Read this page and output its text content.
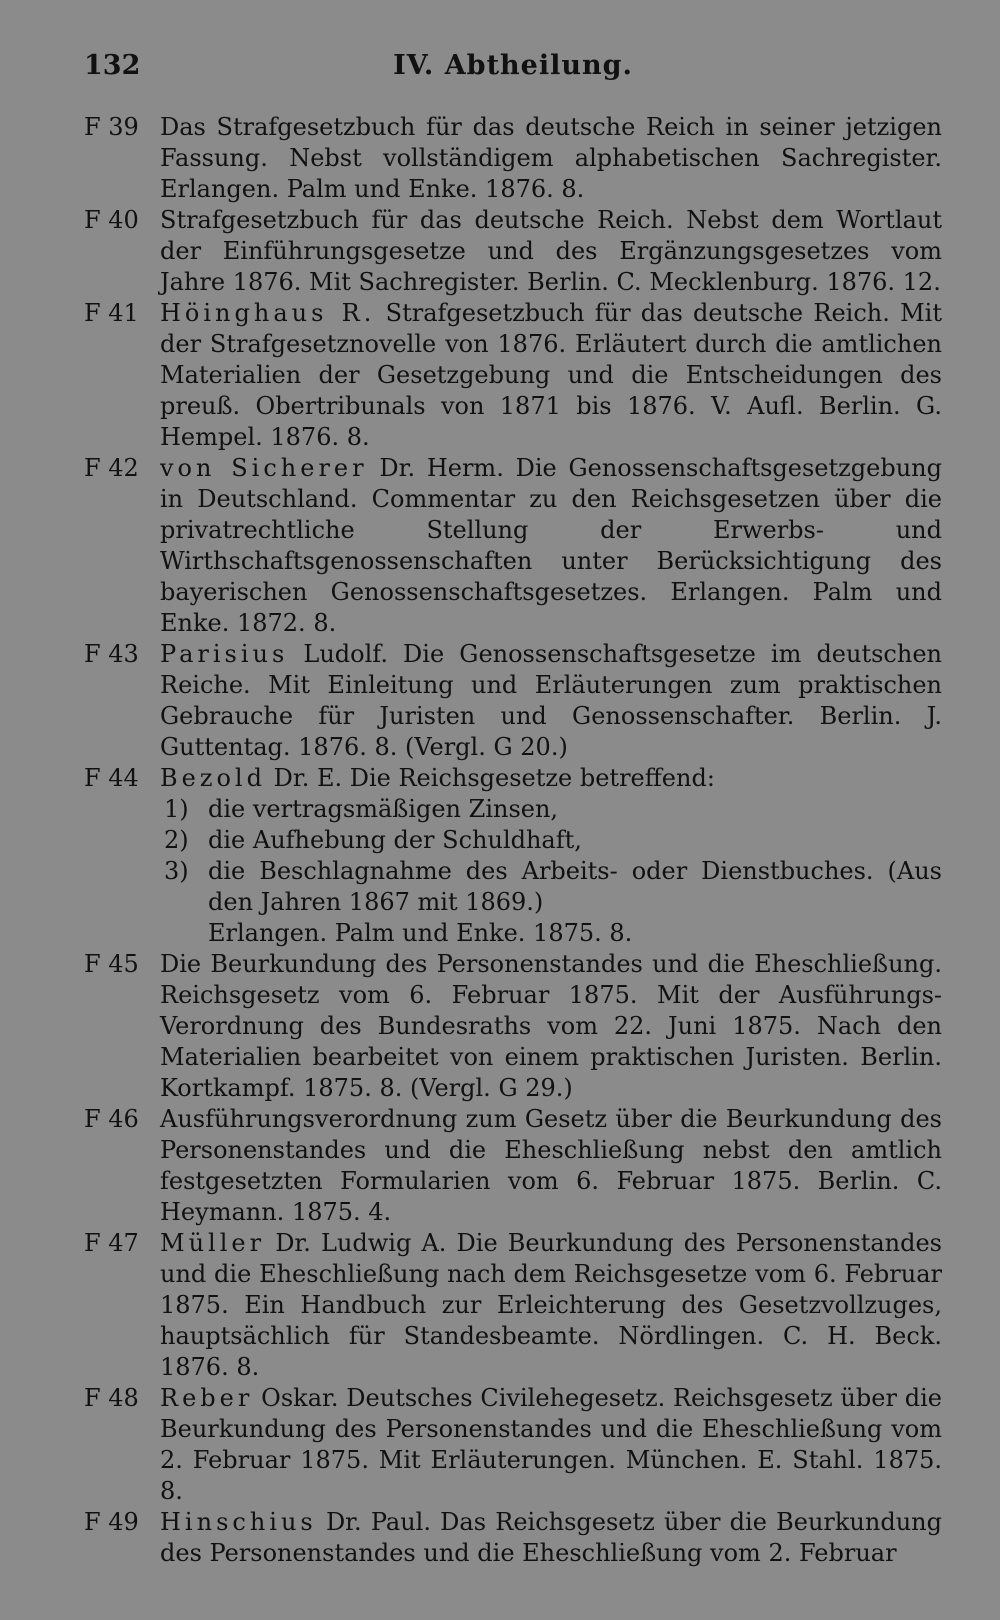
132	IV. Abtheilung.
F 39 Das Strafgesetzbuch für das deutsche Reich in seiner jetzigen Fassung. Nebst vollständigem alphabetischen Sachregister. Erlangen. Palm und Enke. 1876. 8.
F 40 Strafgesetzbuch für das deutsche Reich. Nebst dem Wortlaut der Einführungsgesetze und des Ergänzungsgesetzes vom Jahre 1876. Mit Sachregister. Berlin. C. Mecklenburg. 1876. 12.
F 41 Höinghaus R. Strafgesetzbuch für das deutsche Reich. Mit der Strafgesetznovelle von 1876. Erläutert durch die amtlichen Materialien der Gesetzgebung und die Entscheidungen des preuß. Obertribunals von 1871 bis 1876. V. Aufl. Berlin. G. Hempel. 1876. 8.
F 42 von Sicherer Dr. Herm. Die Genossenschaftsgesetzgebung in Deutschland. Commentar zu den Reichsgesetzen über die privatrechtliche Stellung der Erwerbs- und Wirthschaftsgenossenschaften unter Berücksichtigung des bayerischen Genossenschaftsgesetzes. Erlangen. Palm und Enke. 1872. 8.
F 43 Parisius Ludolf. Die Genossenschaftsgesetze im deutschen Reiche. Mit Einleitung und Erläuterungen zum praktischen Gebrauche für Juristen und Genossenschafter. Berlin. J. Guttentag. 1876. 8. (Vergl. G 20.)
F 44 Bezold Dr. E. Die Reichsgesetze betreffend:
1) die vertragsmäßigen Zinsen,
2) die Aufhebung der Schuldhaft,
3) die Beschlagnahme des Arbeits- oder Dienstbuches. (Aus den Jahren 1867 mit 1869.)
Erlangen. Palm und Enke. 1875. 8.
F 45 Die Beurkundung des Personenstandes und die Eheschließung. Reichsgesetz vom 6. Februar 1875. Mit der Ausführungs-Verordnung des Bundesraths vom 22. Juni 1875. Nach den Materialien bearbeitet von einem praktischen Juristen. Berlin. Kortkampf. 1875. 8. (Vergl. G 29.)
F 46 Ausführungsverordnung zum Gesetz über die Beurkundung des Personenstandes und die Eheschließung nebst den amtlich festgesetzten Formularien vom 6. Februar 1875. Berlin. C. Heymann. 1875. 4.
F 47 Müller Dr. Ludwig A. Die Beurkundung des Personenstandes und die Eheschließung nach dem Reichsgesetze vom 6. Februar 1875. Ein Handbuch zur Erleichterung des Gesetzvollzuges, hauptsächlich für Standesbeamte. Nördlingen. C. H. Beck. 1876. 8.
F 48 Reber Oskar. Deutsches Civilehegesetz. Reichsgesetz über die Beurkundung des Personenstandes und die Eheschließung vom 2. Februar 1875. Mit Erläuterungen. München. E. Stahl. 1875. 8.
F 49 Hinschius Dr. Paul. Das Reichsgesetz über die Beurkundung des Personenstandes und die Eheschließung vom 2. Februar
